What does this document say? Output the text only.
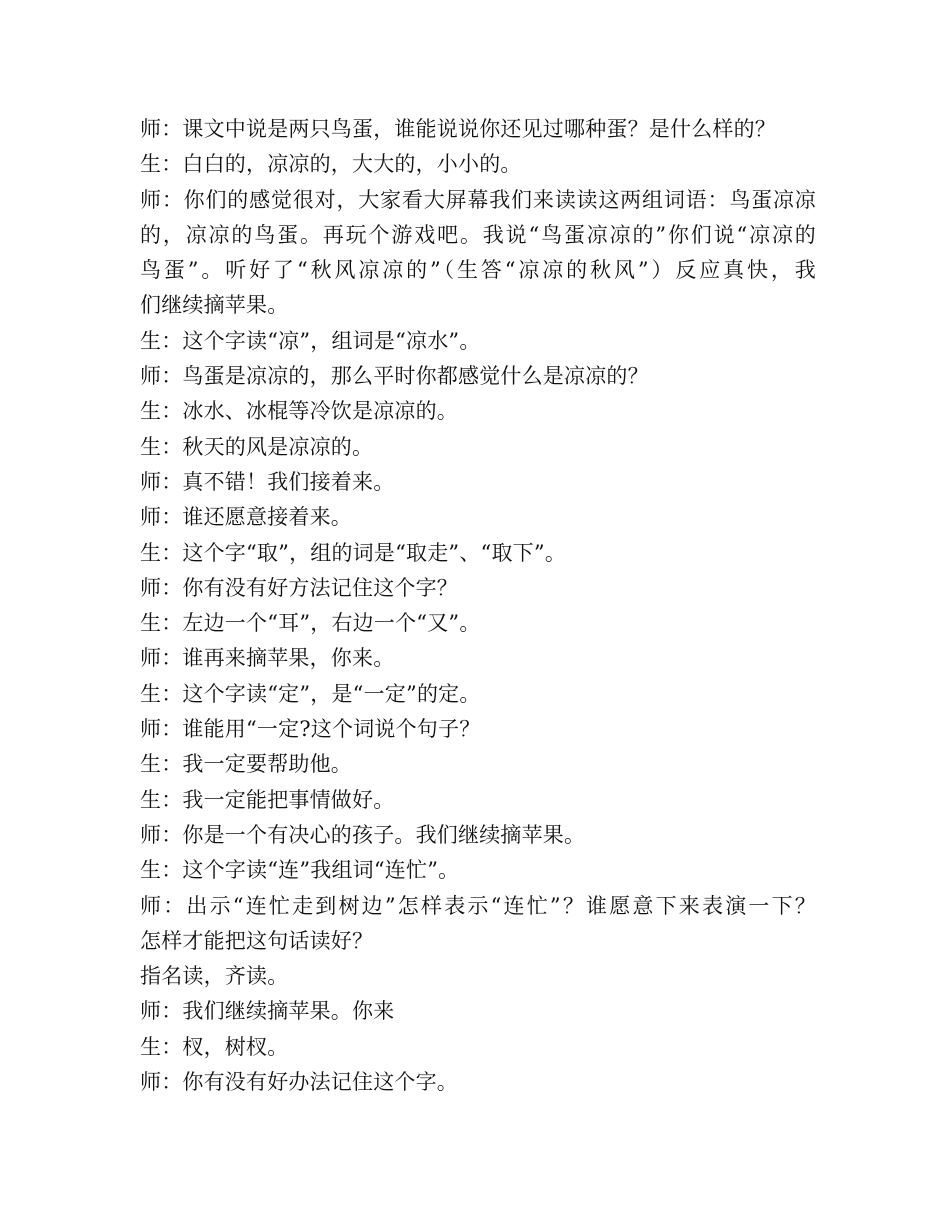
师：课文中说是两只鸟蛋，谁能说说你还见过哪种蛋？是什么样的？
生：白白的，凉凉的，大大的，小小的。
师：你们的感觉很对，大家看大屏幕我们来读读这两组词语：鸟蛋凉凉
的，凉凉的鸟蛋。再玩个游戏吧。我说“鸟蛋凉凉的”你们说“凉凉的
鸟蛋”。听好了“秋风凉凉的”（生答“凉凉的秋风”）反应真快，我
们继续摘苹果。
生：这个字读“凉”，组词是“凉水”。
师：鸟蛋是凉凉的，那么平时你都感觉什么是凉凉的？
生：冰水、冰棍等冷饮是凉凉的。
生：秋天的风是凉凉的。
师：真不错！我们接着来。
师：谁还愿意接着来。
生：这个字“取”，组的词是“取走”、“取下”。
师：你有没有好方法记住这个字？
生：左边一个“耳”，右边一个“又”。
师：谁再来摘苹果，你来。
生：这个字读“定”，是“一定”的定。
师：谁能用“一定?这个词说个句子？
生：我一定要帮助他。
生：我一定能把事情做好。
师：你是一个有决心的孩子。我们继续摘苹果。
生：这个字读“连”我组词“连忙”。
师：出示“连忙走到树边”怎样表示“连忙”？谁愿意下来表演一下？
怎样才能把这句话读好？
指名读，齐读。
师：我们继续摘苹果。你来
生：杈，树杈。
师：你有没有好办法记住这个字。
